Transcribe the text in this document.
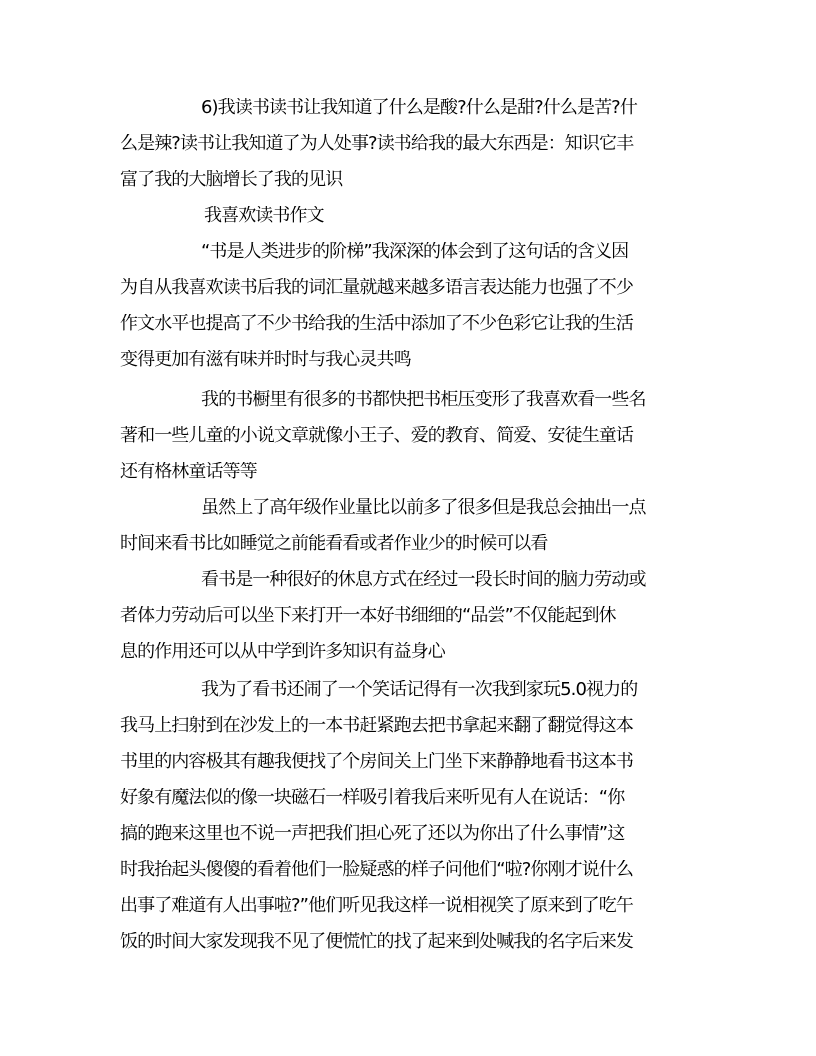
6)我读书读书让我知道了什么是酸?什么是甜?什么是苦?什
么是辣?读书让我知道了为人处事?读书给我的最大东西是：知识它丰
富了我的大脑增长了我的见识
我喜欢读书作文
“书是人类进步的阶梯”我深深的体会到了这句话的含义因
为自从我喜欢读书后我的词汇量就越来越多语言表达能力也强了不少
作文水平也提高了不少书给我的生活中添加了不少色彩它让我的生活
变得更加有滋有味并时时与我心灵共鸣
我的书橱里有很多的书都快把书柜压变形了我喜欢看一些名
著和一些儿童的小说文章就像小王子、爱的教育、简爱、安徒生童话
还有格林童话等等
虽然上了高年级作业量比以前多了很多但是我总会抽出一点
时间来看书比如睡觉之前能看看或者作业少的时候可以看
看书是一种很好的休息方式在经过一段长时间的脑力劳动或
者体力劳动后可以坐下来打开一本好书细细的“品尝”不仅能起到休
息的作用还可以从中学到许多知识有益身心
我为了看书还闹了一个笑话记得有一次我到家玩5.0视力的
我马上扫射到在沙发上的一本书赶紧跑去把书拿起来翻了翻觉得这本
书里的内容极其有趣我便找了个房间关上门坐下来静静地看书这本书
好象有魔法似的像一块磁石一样吸引着我后来听见有人在说话：“你
搞的跑来这里也不说一声把我们担心死了还以为你出了什么事情”这
时我抬起头傻傻的看着他们一脸疑惑的样子问他们“啦?你刚才说什么
出事了难道有人出事啦?”他们听见我这样一说相视笑了原来到了吃午
饭的时间大家发现我不见了便慌忙的找了起来到处喊我的名字后来发
